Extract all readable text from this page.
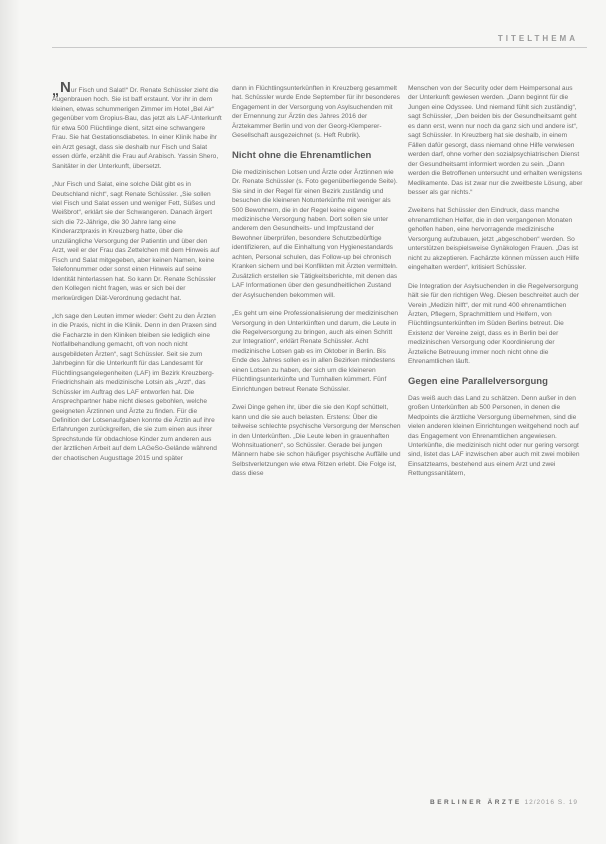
TITELTHEMA

„Nur Fisch und Salat!“ Dr. Renate Schüssler zieht die Augenbrauen hoch. Sie ist baff erstaunt. Vor ihr in dem kleinen, etwas schummerigen Zimmer im Hotel „Bel Air“ gegenüber vom Gropius-Bau, das jetzt als LAF-Unterkunft für etwa 500 Flüchtlinge dient, sitzt eine schwangere Frau. Sie hat Gestationsdiabetes. In einer Klinik habe ihr ein Arzt gesagt, dass sie deshalb nur Fisch und Salat essen dürfe, erzählt die Frau auf Arabisch. Yassin Shero, Sanitäter in der Unterkunft, übersetzt.

„Nur Fisch und Salat, eine solche Diät gibt es in Deutschland nicht“, sagt Renate Schüssler. „Sie sollen viel Fisch und Salat essen und weniger Fett, Süßes und Weißbrot“, erklärt sie der Schwangeren. Danach ärgert sich die 72-Jährige, die 30 Jahre lang eine Kinderarztpraxis in Kreuzberg hatte, über die unzulängliche Versorgung der Patientin und über den Arzt, weil er der Frau das Zettelchen mit dem Hinweis auf Fisch und Salat mitgegeben, aber keinen Namen, keine Telefonnummer oder sonst einen Hinweis auf seine Identität hinterlassen hat. So kann Dr. Renate Schüssler den Kollegen nicht fragen, was er sich bei der merkwürdigen Diät-Verordnung gedacht hat.

„Ich sage den Leuten immer wieder: Geht zu den Ärzten in die Praxis, nicht in die Klinik. Denn in den Praxen sind die Facharzte in den Kliniken bleiben sie lediglich eine Notfallbehandlung gemacht, oft von noch nicht ausgebildeten Ärzten“, sagt Schüssler. Seit sie zum Jahrbeginn für die Unterkunft für das Landesamt für Flüchtlingsangelegenheiten (LAF) im Bezirk Kreuzberg-Friedrichshain als medizinische Lotsin als „Arzt“, das Schüssler im Auftrag des LAF entworfen hat. Die Ansprechpartner habe nicht dieses gebohlen, welche geeigneten Ärztinnen und Ärzte zu finden. Für die Definition der Lotsenaufgaben konnte die Ärztin auf ihre Erfahrungen zurückgreifen, die sie zum einen aus ihrer Sprechstunde für obdachlose Kinder zum anderen aus der ärztlichen Arbeit auf dem LAGeSo-Gelände während der chaotischen Augusttage 2015 und später

dann in Flüchtlingsunterkünften in Kreuzberg gesammelt hat. Schüssler wurde Ende September für ihr besonderes Engagement in der Versorgung von Asylsuchenden mit der Ernennung zur Ärztin des Jahres 2016 der Ärztekammer Berlin und von der Georg-Klemperer-Gesellschaft ausgezeichnet (s. Heft Rubrik).

Nicht ohne die Ehrenamtlichen

Die medizinischen Lotsen und Ärzte oder Ärztinnen wie Dr. Renate Schüssler (s. Foto gegenüberliegende Seite). Sie sind in der Regel für einen Bezirk zuständig und besuchen die kleineren Notunterkünfte mit weniger als 500 Bewohnern, die in der Regel keine eigene medizinische Versorgung haben. Dort sollen sie unter anderem den Gesundheits- und Impfzustand der Bewohner überprüfen, besondere Schutzbedürftige identifizieren, auf die Einhaltung von Hygienestandards achten, Personal schulen, das Follow-up bei chronisch Kranken sichern und bei Konflikten mit Ärzten vermitteln. Zusätzlich erstellen sie Tätigkeitsberichte, mit denen das LAF Informationen über den gesundheitlichen Zustand der Asylsuchenden bekommen will.

„Es geht um eine Professionalisierung der medizinischen Versorgung in den Unterkünften und darum, die Leute in die Regelversorgung zu bringen, auch als einen Schritt zur Integration“, erklärt Renate Schüssler. Acht medizinische Lotsen gab es im Oktober in Berlin. Bis Ende des Jahres sollen es in allen Bezirken mindestens einen Lotsen zu haben, der sich um die kleineren Flüchtlingsunterkünfte und Turnhallen kümmert. Fünf Einrichtungen betreut Renate Schüssler.

Zwei Dinge gehen ihr, über die sie den Kopf schüttelt, kann und die sie auch belasten. Erstens: Über die teilweise schlechte psychische Versorgung der Menschen in den Unterkünften. „Die Leute leben in grauenhaften Wohnsituationen“, so Schüssler. Gerade bei jungen Männern habe sie schon häufiger psychische Auffälle und Selbstverletzungen wie etwa Ritzen erlebt. Die Folge ist, dass diese

Menschen von der Security oder dem Heimpersonal aus der Unterkunft gewiesen werden. „Dann beginnt für die Jungen eine Odyssee. Und niemand fühlt sich zuständig“, sagt Schüssler, „Den beiden bis der Gesundheitsamt geht es dann erst, wenn nur noch da ganz sich und andere ist“, sagt Schüssler. In Kreuzberg hat sie deshalb, in einem Fällen dafür gesorgt, dass niemand ohne Hilfe verwiesen werden darf, ohne vorher den sozialpsychiatrischen Dienst der Gesundheitsamt informiert worden zu sein. „Dann werden die Betroffenen untersucht und erhalten wenigstens Medikamente. Das ist zwar nur die zweitbeste Lösung, aber besser als gar nichts.“

Zweitens hat Schüssler den Eindruck, dass manche ehrenamtlichen Helfer, die in den vergangenen Monaten geholfen haben, eine hervorragende medizinische Versorgung aufzubauen, jetzt „abgeschoben“ werden. So unterstützen beispielsweise Gynäkologen Frauen. „Das ist nicht zu akzeptieren. Fachärzte können müssen auch Hilfe eingehalten werden“, kritisiert Schüssler.

Die Integration der Asylsuchenden in die Regelversorgung hält sie für den richtigen Weg. Diesen beschreitet auch der Verein „Medizin hilft“, der mit rund 400 ehrenamtlichen Ärzten, Pflegern, Sprachmittlern und Helfern, von Flüchtlingsunterkünften im Süden Berlins betreut. Die Existenz der Vereine zeigt, dass es in Berlin bei der medizinischen Versorgung oder Koordinierung der Ärzteliche Betreuung immer noch nicht ohne die Ehrenamtlichen läuft.

Gegen eine Parallelversorgung

Das weiß auch das Land zu schätzen. Denn außer in den großen Unterkünften ab 500 Personen, in denen die Medpoints die ärztliche Versorgung übernehmen, sind die vielen anderen kleinen Einrichtungen weitgehend noch auf das Engagement von Ehrenamtlichen angewiesen. Unterkünfte, die medizinisch nicht oder nur gering versorgt sind, listet das LAF inzwischen aber auch mit zwei mobilen Einsatzteams, bestehend aus einem Arzt und zwei Rettungssanitätern,

BERLINER ÄRZTE 12/2016 S. 19
